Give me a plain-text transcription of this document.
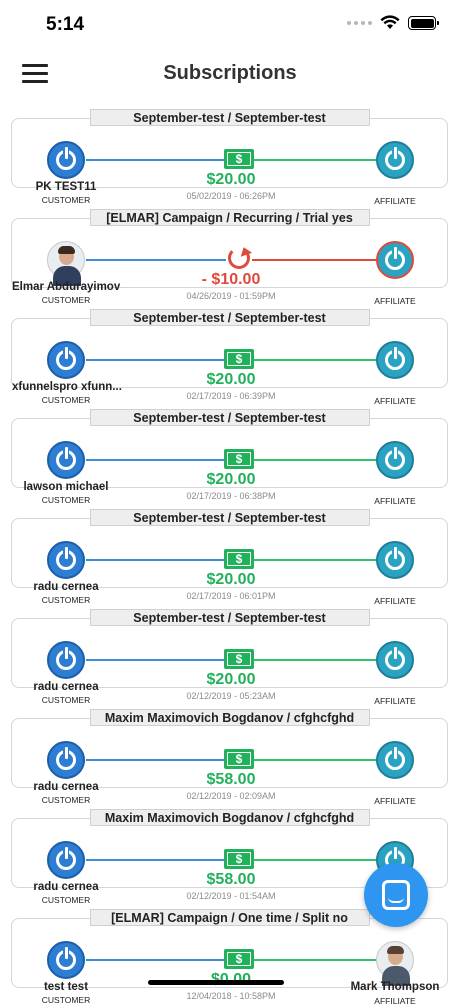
5:14
Subscriptions
$
$20.00
05/02/2019 - 06:26PM
PK TEST11
CUSTOMER	AFFILIATE
September-test / September-test
- $10.00
04/26/2019 - 01:59PM
Elmar Abdurayimov
CUSTOMER	AFFILIATE
[ELMAR] Campaign / Recurring / Trial yes
$
$20.00
02/17/2019 - 06:39PM
xfunnelspro xfunn...
CUSTOMER	AFFILIATE
September-test / September-test
$
$20.00
02/17/2019 - 06:38PM
lawson michael
CUSTOMER	AFFILIATE
September-test / September-test
$
$20.00
02/17/2019 - 06:01PM
radu cernea
CUSTOMER	AFFILIATE
September-test / September-test
$
$20.00
02/12/2019 - 05:23AM
radu cernea
CUSTOMER	AFFILIATE
September-test / September-test
$
$58.00
02/12/2019 - 02:09AM
radu cernea
CUSTOMER	AFFILIATE
Maxim Maximovich Bogdanov / cfghcfghd
$
$58.00
02/12/2019 - 01:54AM
radu cernea
CUSTOMER
Maxim Maximovich Bogdanov / cfghcfghd
$
12/04/2018 - 10:58PM
test test
CUSTOMER
Mark Thompson
AFFILIATE
[ELMAR] Campaign / One time / Split no
